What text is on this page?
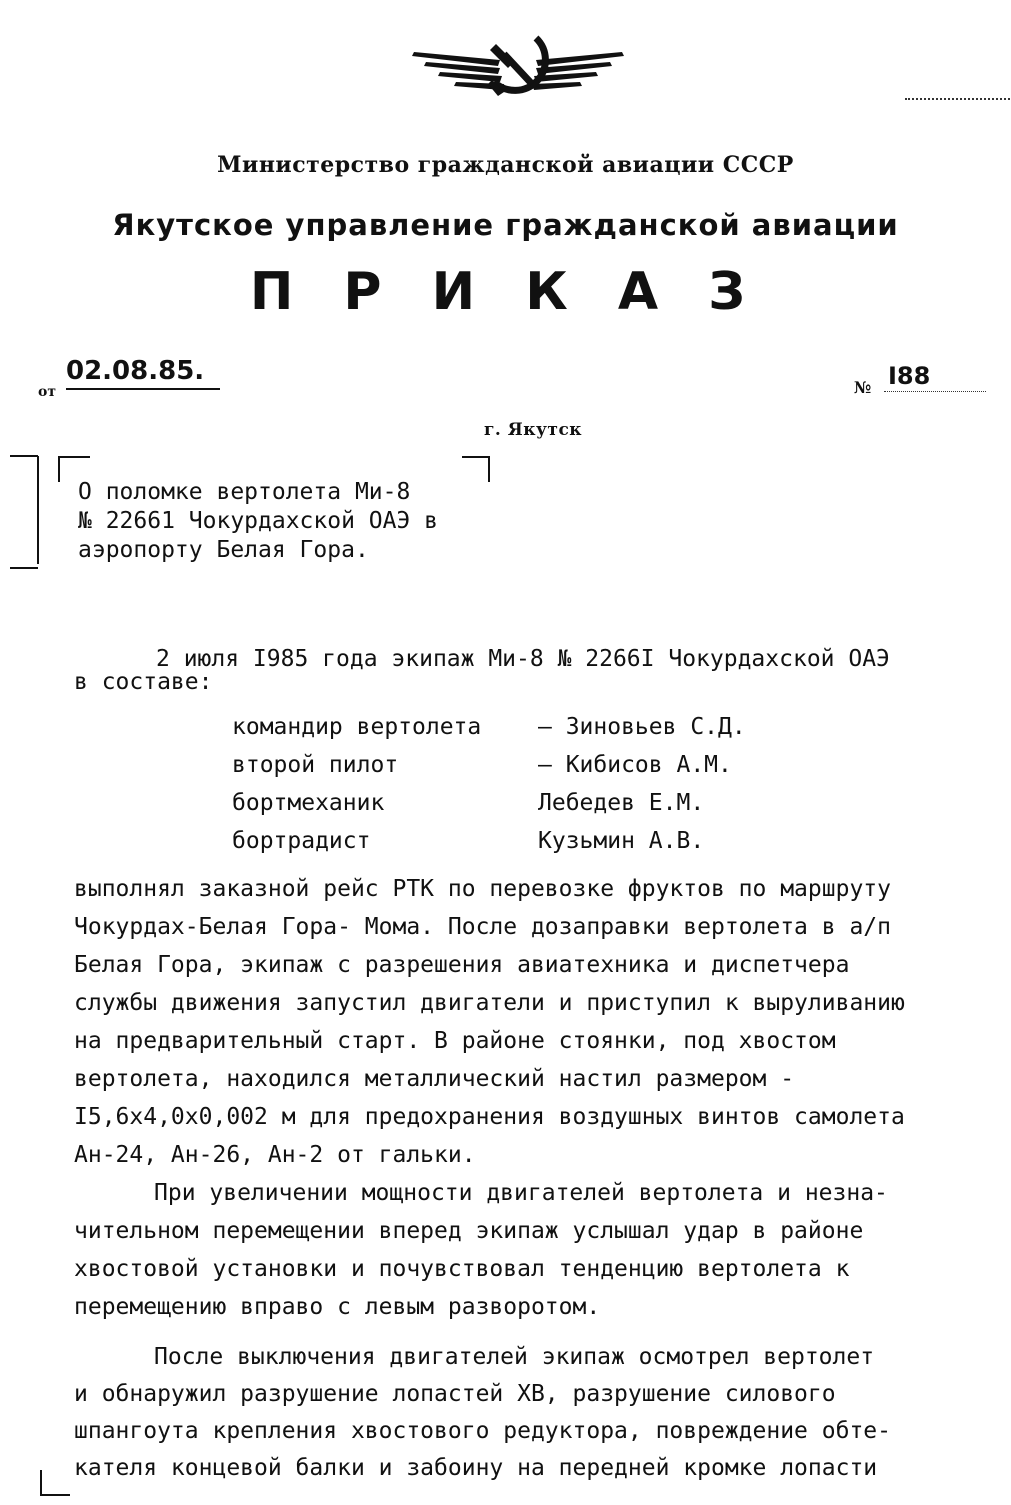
Министерство гражданской авиации СССР
Якутское управление гражданской авиации
П Р И К А З
от
02.08.85.
№ I88
г. Якутск
О поломке вертолета Ми-8
№ 22661 Чокурдахской ОАЭ в
аэропорту Белая Гора.
2 июля I985 года экипаж Ми-8 № 2266I Чокурдахской ОАЭ
в составе:
командир вертолета	– Зиновьев С.Д.
второй пилот	– Кибисов А.М.
бортмеханик	Лебедев Е.М.
бортрадист	Кузьмин А.В.
выполнял заказной рейс РТК по перевозке фруктов по маршруту
Чокурдах-Белая Гора- Мома. После дозаправки вертолета в а/п
Белая Гора, экипаж с разрешения авиатехника и диспетчера
службы движения запустил двигатели и приступил к выруливанию
на предварительный старт. В районе стоянки, под хвостом
вертолета, находился металлический настил размером -
I5,6х4,0х0,002 м для предохранения воздушных винтов самолета
Ан-24, Ан-26, Ан-2 от гальки.
При увеличении мощности двигателей вертолета и незна-
чительном перемещении вперед экипаж услышал удар в районе
хвостовой установки и почувствовал тенденцию вертолета к
перемещению вправо с левым разворотом.
После выключения двигателей экипаж осмотрел вертолет
и обнаружил разрушение лопастей ХВ, разрушение силового
шпангоута крепления хвостового редуктора, повреждение обте-
кателя концевой балки и забоину на передней кромке лопасти
